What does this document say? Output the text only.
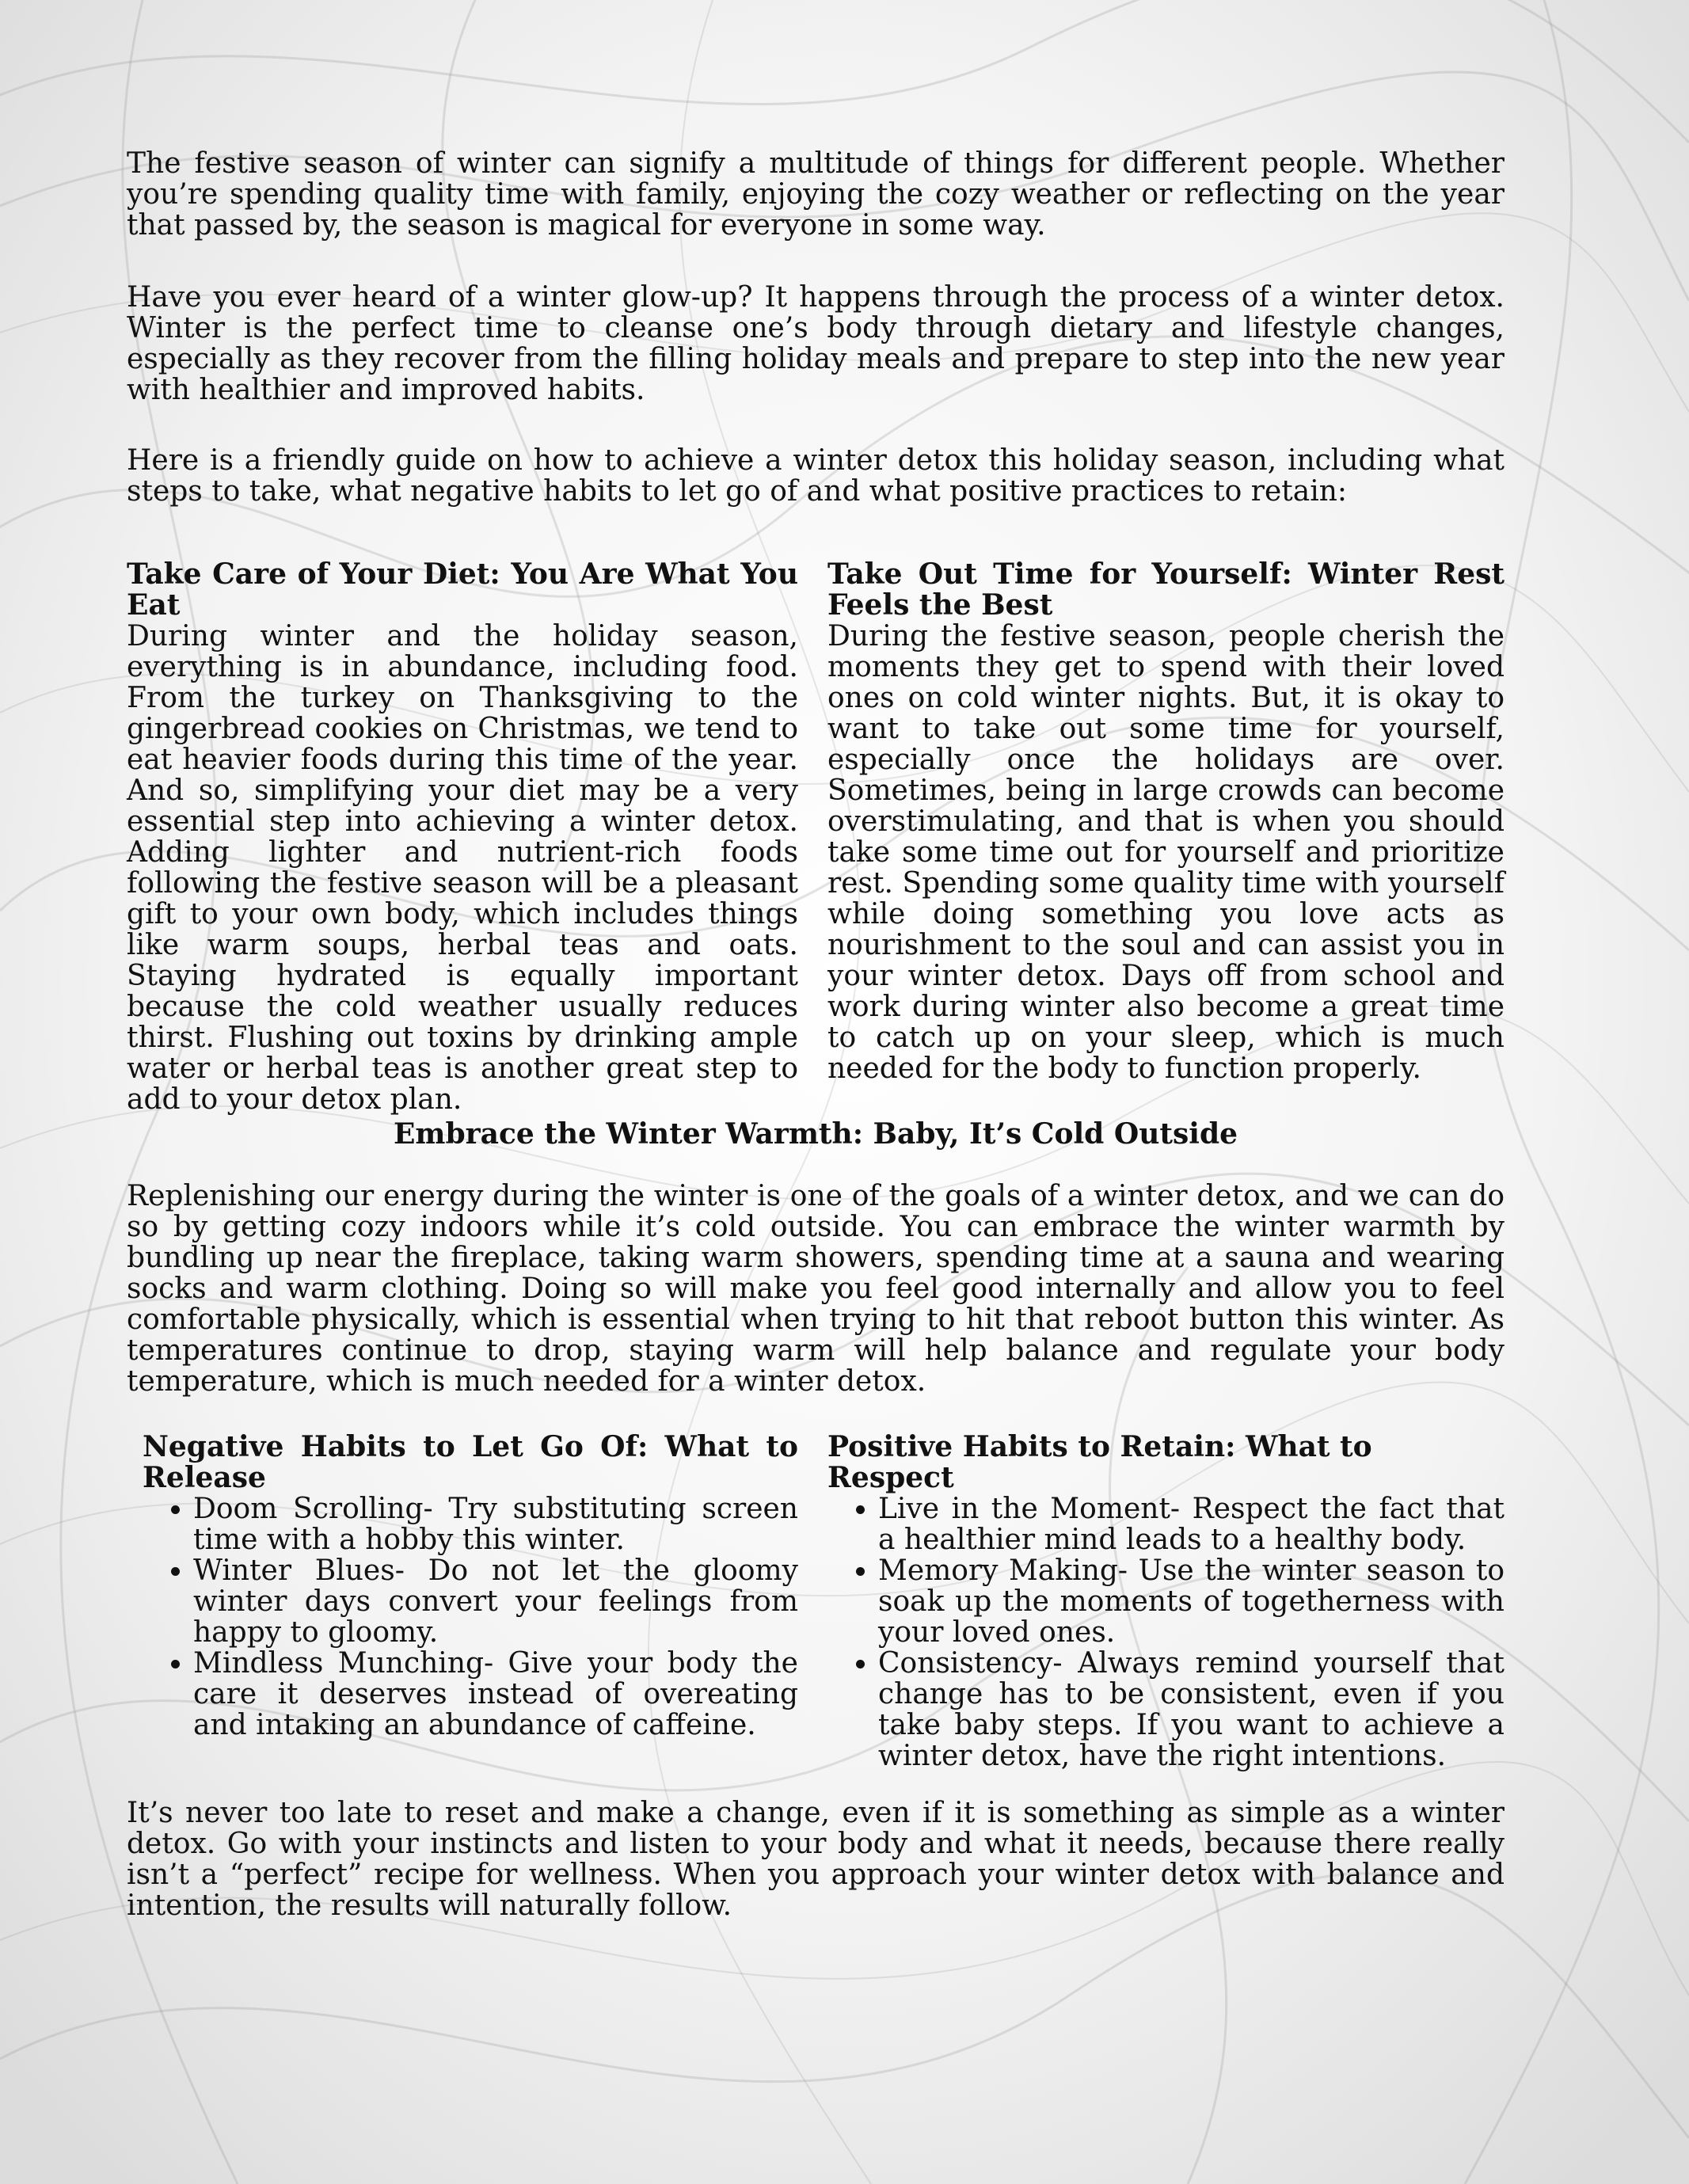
The festive season of winter can signify a multitude of things for different people. Whether you’re spending quality time with family, enjoying the cozy weather or reflecting on the year that passed by, the season is magical for everyone in some way.

Have you ever heard of a winter glow-up? It happens through the process of a winter detox. Winter is the perfect time to cleanse one’s body through dietary and lifestyle changes, especially as they recover from the filling holiday meals and prepare to step into the new year with healthier and improved habits.

Here is a friendly guide on how to achieve a winter detox this holiday season, including what steps to take, what negative habits to let go of and what positive practices to retain:

Take Care of Your Diet: You Are What You Eat

During winter and the holiday season, everything is in abundance, including food. From the turkey on Thanksgiving to the gingerbread cookies on Christmas, we tend to eat heavier foods during this time of the year. And so, simplifying your diet may be a very essential step into achieving a winter detox. Adding lighter and nutrient-rich foods following the festive season will be a pleasant gift to your own body, which includes things like warm soups, herbal teas and oats. Staying hydrated is equally important because the cold weather usually reduces thirst. Flushing out toxins by drinking ample water or herbal teas is another great step to add to your detox plan.

Take Out Time for Yourself: Winter Rest Feels the Best

During the festive season, people cherish the moments they get to spend with their loved ones on cold winter nights. But, it is okay to want to take out some time for yourself, especially once the holidays are over. Sometimes, being in large crowds can become overstimulating, and that is when you should take some time out for yourself and prioritize rest. Spending some quality time with yourself while doing something you love acts as nourishment to the soul and can assist you in your winter detox. Days off from school and work during winter also become a great time to catch up on your sleep, which is much needed for the body to function properly.

Embrace the Winter Warmth: Baby, It’s Cold Outside

Replenishing our energy during the winter is one of the goals of a winter detox, and we can do so by getting cozy indoors while it’s cold outside. You can embrace the winter warmth by bundling up near the fireplace, taking warm showers, spending time at a sauna and wearing socks and warm clothing. Doing so will make you feel good internally and allow you to feel comfortable physically, which is essential when trying to hit that reboot button this winter. As temperatures continue to drop, staying warm will help balance and regulate your body temperature, which is much needed for a winter detox.

Negative Habits to Let Go Of: What to Release
• Doom Scrolling- Try substituting screen time with a hobby this winter.
• Winter Blues- Do not let the gloomy winter days convert your feelings from happy to gloomy.
• Mindless Munching- Give your body the care it deserves instead of overeating and intaking an abundance of caffeine.
Positive Habits to Retain: What to Respect
• Live in the Moment- Respect the fact that a healthier mind leads to a healthy body.
• Memory Making- Use the winter season to soak up the moments of togetherness with your loved ones.
• Consistency- Always remind yourself that change has to be consistent, even if you take baby steps. If you want to achieve a winter detox, have the right intentions.

It’s never too late to reset and make a change, even if it is something as simple as a winter detox. Go with your instincts and listen to your body and what it needs, because there really isn’t a “perfect” recipe for wellness. When you approach your winter detox with balance and intention, the results will naturally follow.
